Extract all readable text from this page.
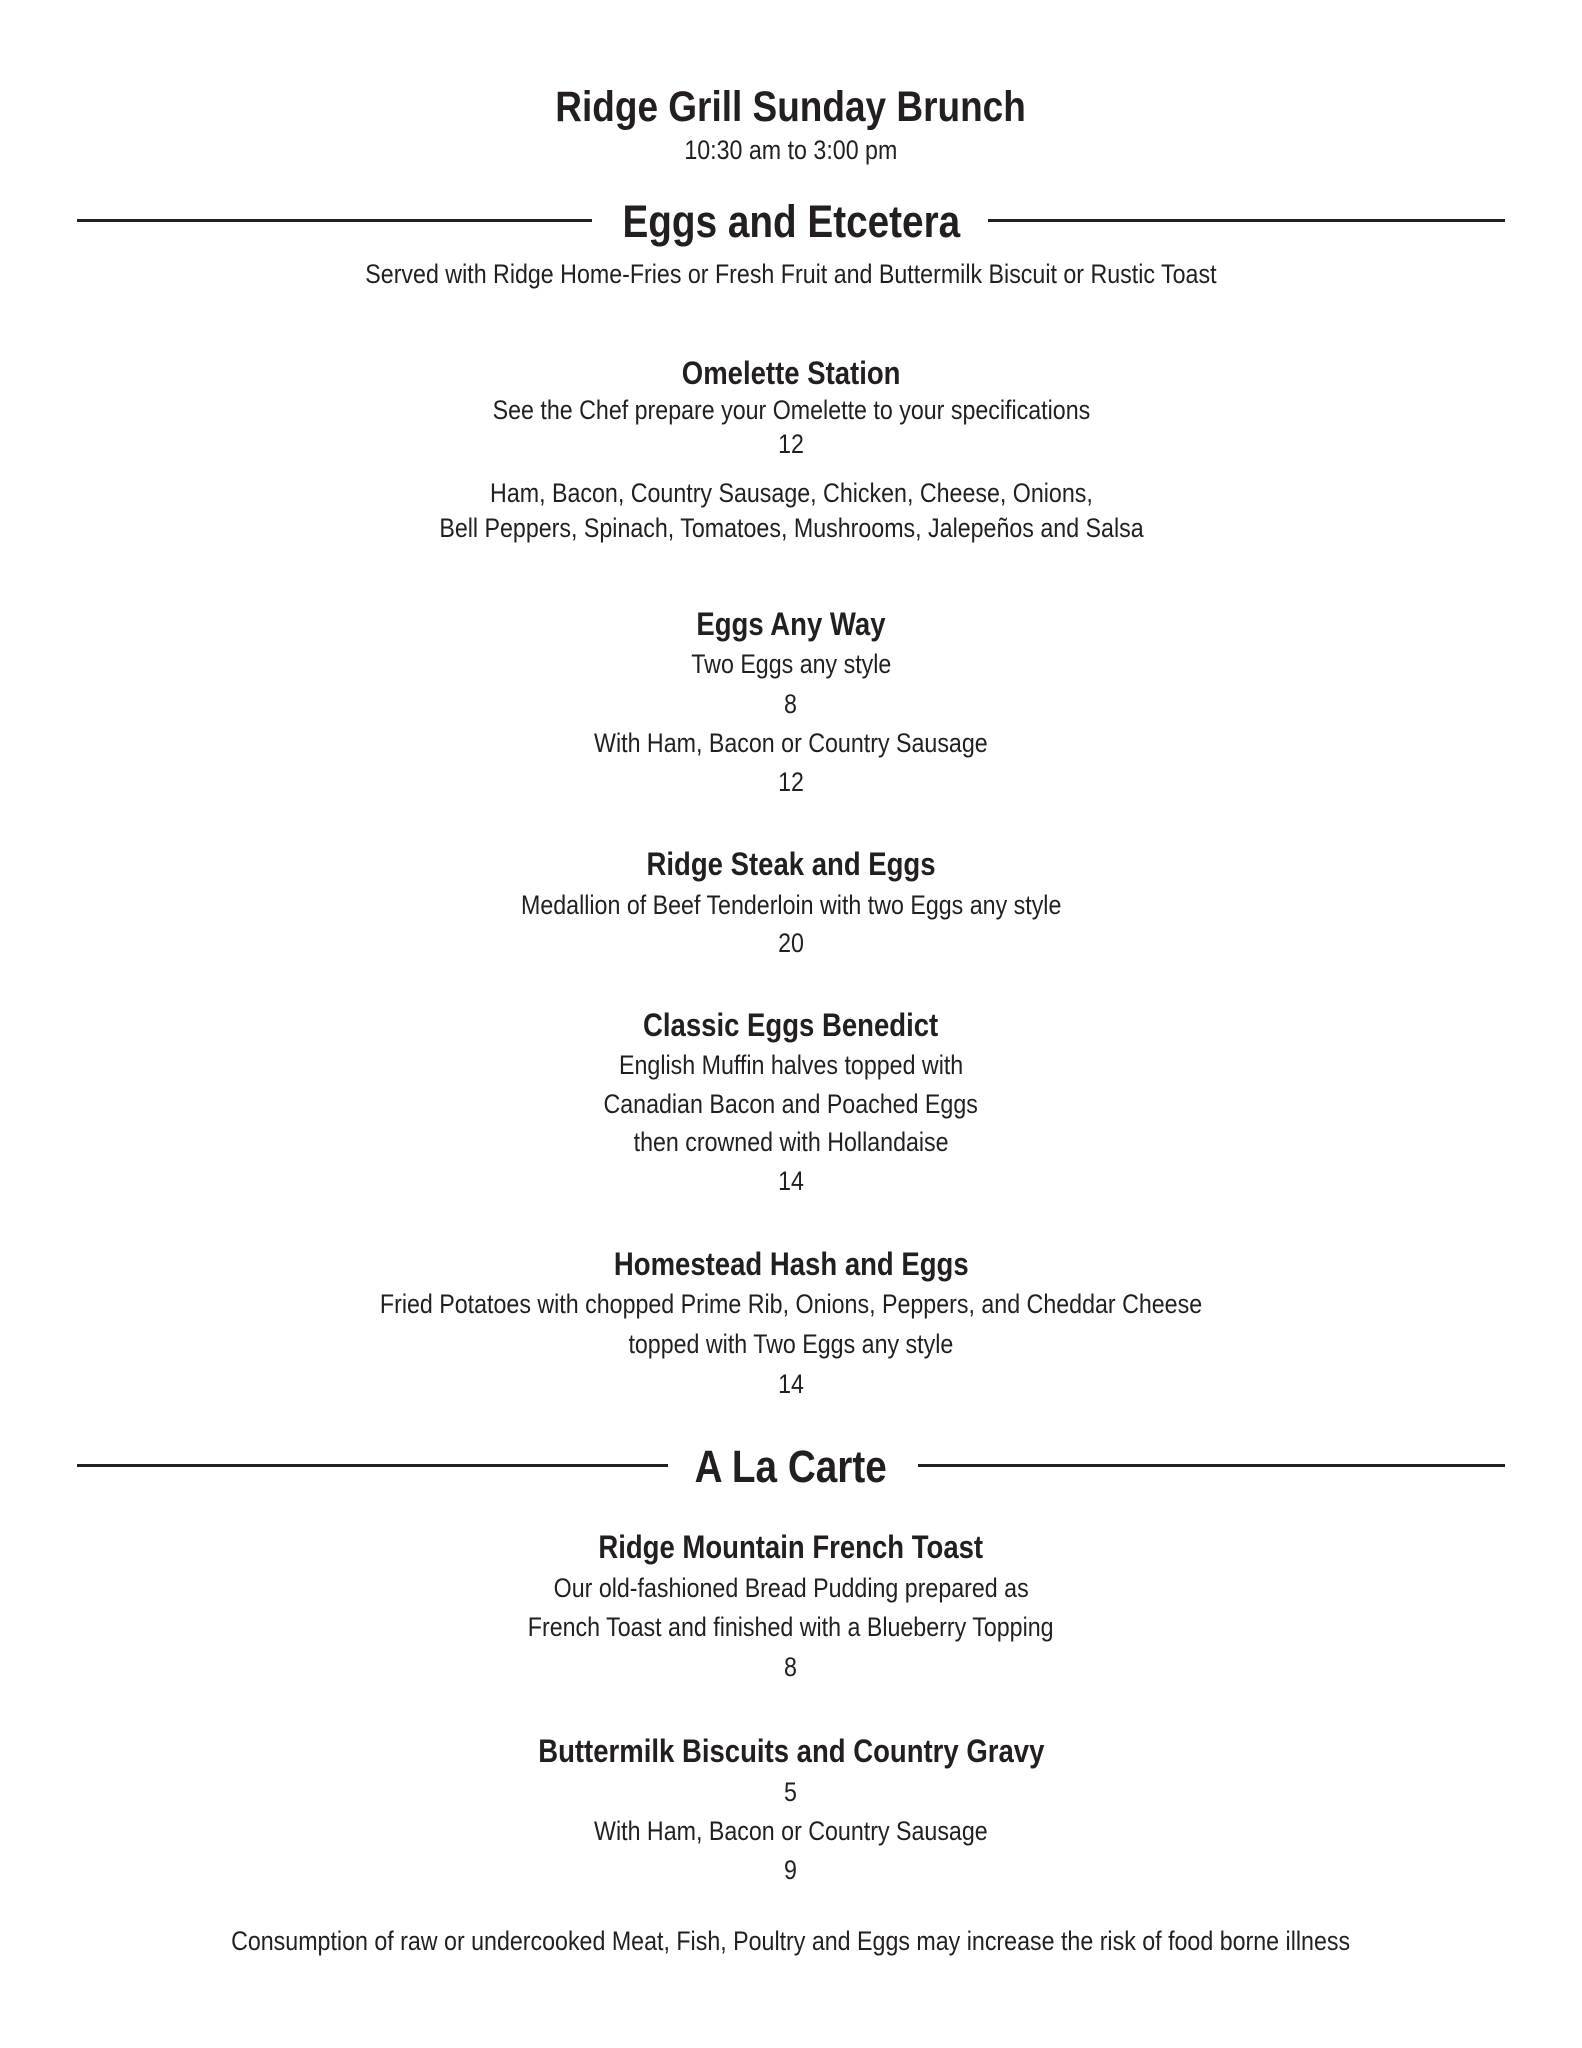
Ridge Grill Sunday Brunch
10:30 am to 3:00 pm
Eggs and Etcetera
Served with Ridge Home-Fries or Fresh Fruit and Buttermilk Biscuit or Rustic Toast
Omelette Station
See the Chef prepare your Omelette to your specifications
12
Ham, Bacon, Country Sausage, Chicken, Cheese, Onions,
Bell Peppers, Spinach, Tomatoes, Mushrooms, Jalepeños and Salsa
Eggs Any Way
Two Eggs any style
8
With Ham, Bacon or Country Sausage
12
Ridge Steak and Eggs
Medallion of Beef Tenderloin with two Eggs any style
20
Classic Eggs Benedict
English Muffin halves topped with
Canadian Bacon and Poached Eggs
then crowned with Hollandaise
14
Homestead Hash and Eggs
Fried Potatoes with chopped Prime Rib, Onions, Peppers, and Cheddar Cheese
topped with Two Eggs any style
14
A La Carte
Ridge Mountain French Toast
Our old-fashioned Bread Pudding prepared as
French Toast and finished with a Blueberry Topping
8
Buttermilk Biscuits and Country Gravy
5
With Ham, Bacon or Country Sausage
9
Consumption of raw or undercooked Meat, Fish, Poultry and Eggs may increase the risk of food borne illness
